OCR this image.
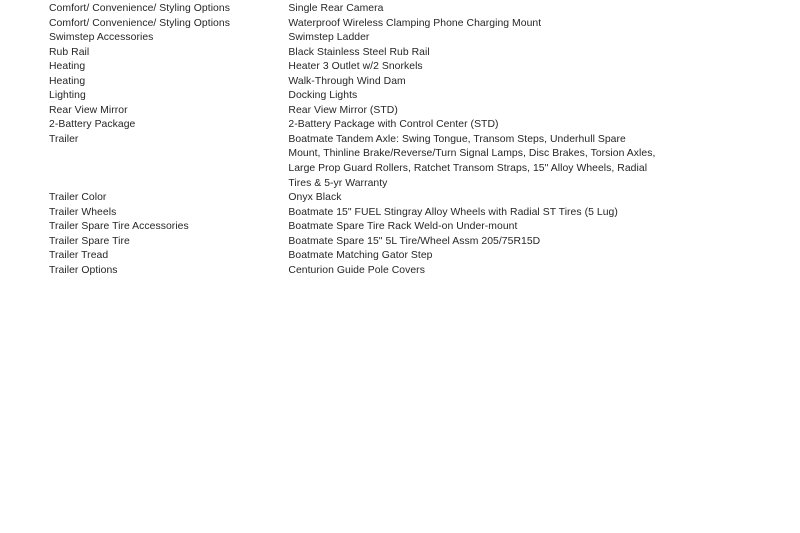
Comfort/ Convenience/ Styling Options	Single Rear Camera

Comfort/ Convenience/ Styling Options	Waterproof Wireless Clamping Phone Charging Mount

Swimstep Accessories	Swimstep Ladder

Rub Rail	Black Stainless Steel Rub Rail

Heating	Heater 3 Outlet w/2 Snorkels

Heating	Walk-Through Wind Dam

Lighting	Docking Lights

Rear View Mirror	Rear View Mirror (STD)

2-Battery Package	2-Battery Package with Control Center (STD)

Trailer	Boatmate Tandem Axle: Swing Tongue, Transom Steps, Underhull Spare Mount, Thinline Brake/Reverse/Turn Signal Lamps, Disc Brakes, Torsion Axles, Large Prop Guard Rollers, Ratchet Transom Straps, 15" Alloy Wheels, Radial Tires & 5-yr Warranty

Trailer Color	Onyx Black

Trailer Wheels	Boatmate 15" FUEL Stingray Alloy Wheels with Radial ST Tires (5 Lug)

Trailer Spare Tire Accessories	Boatmate Spare Tire Rack Weld-on Under-mount

Trailer Spare Tire	Boatmate Spare 15" 5L Tire/Wheel Assm 205/75R15D

Trailer Tread	Boatmate Matching Gator Step

Trailer Options	Centurion Guide Pole Covers
